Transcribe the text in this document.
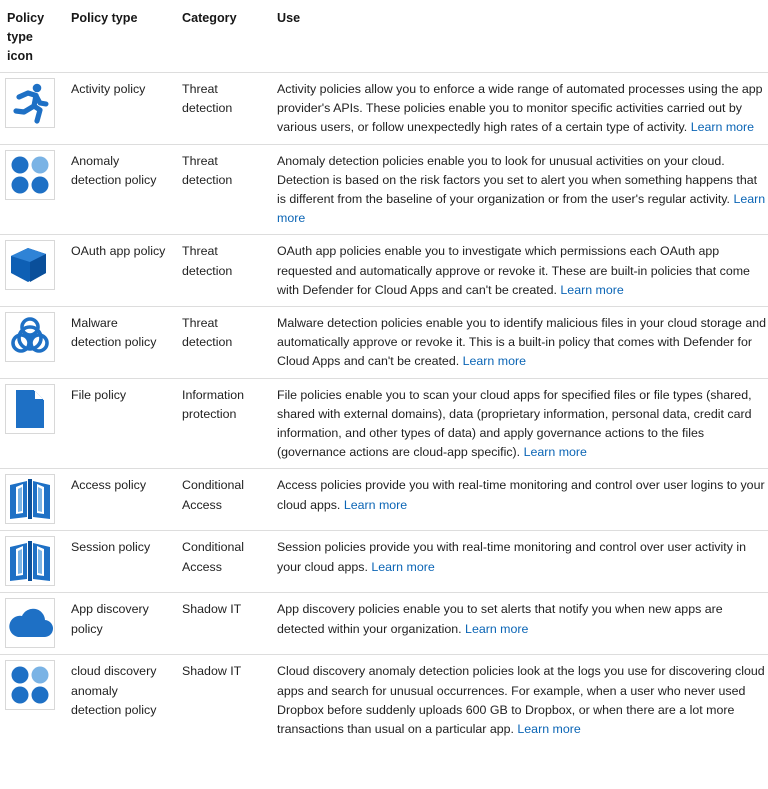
Policy type icon	Policy type	Category	Use

	Activity policy	Threat detection	Activity policies allow you to enforce a wide range of automated processes using the app provider's APIs. These policies enable you to monitor specific activities carried out by various users, or follow unexpectedly high rates of a certain type of activity. Learn more

	Anomaly detection policy	Threat detection	Anomaly detection policies enable you to look for unusual activities on your cloud. Detection is based on the risk factors you set to alert you when something happens that is different from the baseline of your organization or from the user's regular activity. Learn more

	OAuth app policy	Threat detection	OAuth app policies enable you to investigate which permissions each OAuth app requested and automatically approve or revoke it. These are built-in policies that come with Defender for Cloud Apps and can't be created. Learn more

	Malware detection policy	Threat detection	Malware detection policies enable you to identify malicious files in your cloud storage and automatically approve or revoke it. This is a built-in policy that comes with Defender for Cloud Apps and can't be created. Learn more

	File policy	Information protection	File policies enable you to scan your cloud apps for specified files or file types (shared, shared with external domains), data (proprietary information, personal data, credit card information, and other types of data) and apply governance actions to the files (governance actions are cloud-app specific). Learn more

	Access policy	Conditional Access	Access policies provide you with real-time monitoring and control over user logins to your cloud apps. Learn more

	Session policy	Conditional Access	Session policies provide you with real-time monitoring and control over user activity in your cloud apps. Learn more

	App discovery policy	Shadow IT	App discovery policies enable you to set alerts that notify you when new apps are detected within your organization. Learn more

	cloud discovery anomaly detection policy	Shadow IT	Cloud discovery anomaly detection policies look at the logs you use for discovering cloud apps and search for unusual occurrences. For example, when a user who never used Dropbox before suddenly uploads 600 GB to Dropbox, or when there are a lot more transactions than usual on a particular app. Learn more
